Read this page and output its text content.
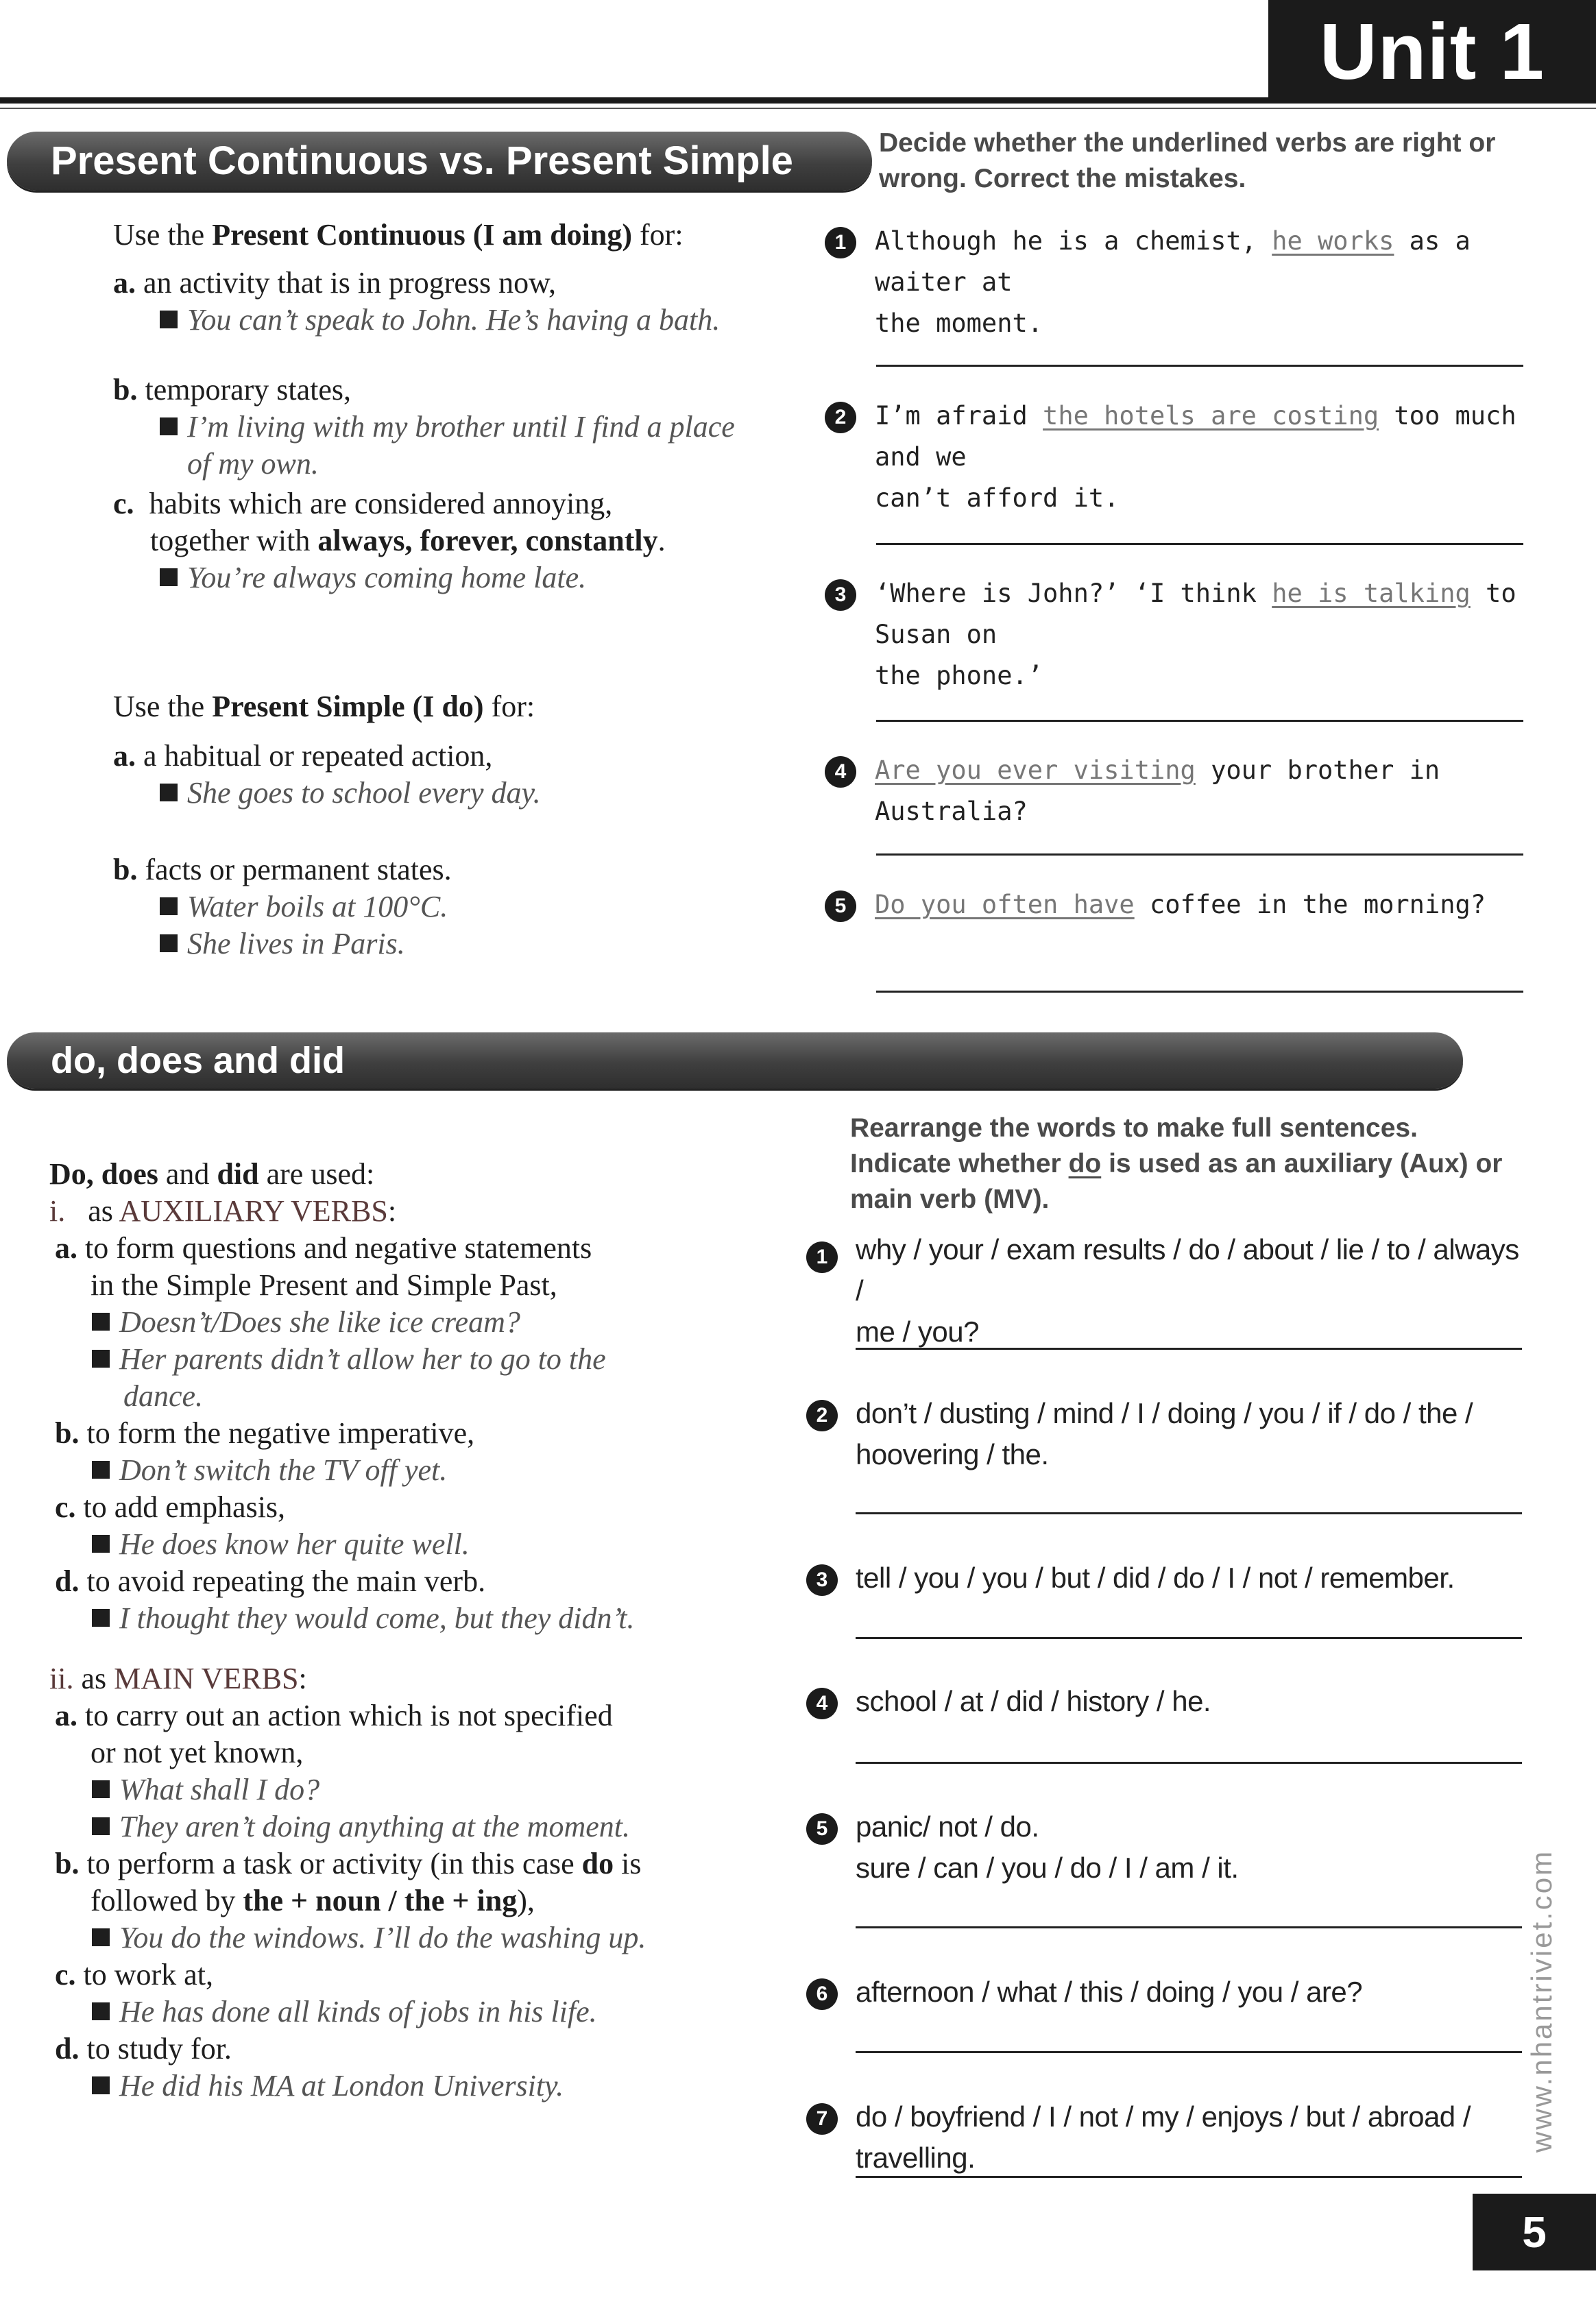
Unit 1
Present Continuous vs. Present Simple	Decide whether the underlined verbs are right or
wrong. Correct the mistakes.
Use the Present Continuous (I am doing) for:
a. an activity that is in progress now,
You can’t speak to John. He’s having a bath.
b. temporary states,
I’m living with my brother until I find a place
of my own.
c. habits which are considered annoying,
together with always, forever, constantly.
You’re always coming home late.
Use the Present Simple (I do) for:
a. a habitual or repeated action,
She goes to school every day.
b. facts or permanent states.
Water boils at 100°C.
She lives in Paris.
1	Although he is a chemist, he works as a waiter at
the moment.
2	I’m afraid the hotels are costing too much and we
can’t afford it.
3	‘Where is John?’ ‘I think he is talking to Susan on
the phone.’
4	Are you ever visiting your brother in Australia?
5	Do you often have coffee in the morning?
do, does and did
Do, does and did are used:
i. as AUXILIARY VERBS:
a. to form questions and negative statements
in the Simple Present and Simple Past,
Doesn’t/Does she like ice cream?
Her parents didn’t allow her to go to the
dance.
b. to form the negative imperative,
Don’t switch the TV off yet.
c. to add emphasis,
He does know her quite well.
d. to avoid repeating the main verb.
I thought they would come, but they didn’t.
ii. as MAIN VERBS:
a. to carry out an action which is not specified
or not yet known,
What shall I do?
They aren’t doing anything at the moment.
b. to perform a task or activity (in this case do is
followed by the + noun / the + ing),
You do the windows. I’ll do the washing up.
c. to work at,
He has done all kinds of jobs in his life.
d. to study for.
He did his MA at London University.
Rearrange the words to make full sentences.
Indicate whether do is used as an auxiliary (Aux) or
main verb (MV).
1 why / your / exam results / do / about / lie / to / always /
me / you?
2 don’t / dusting / mind / I / doing / you / if / do / the /
hoovering / the.
3 tell / you / you / but / did / do / I / not / remember.
4 school / at / did / history / he.
5 panic/ not / do.
sure / can / you / do / I / am / it.
6 afternoon / what / this / doing / you / are?
7 do / boyfriend / I / not / my / enjoys / but / abroad / travelling.
www.nhantriviet.com
5
